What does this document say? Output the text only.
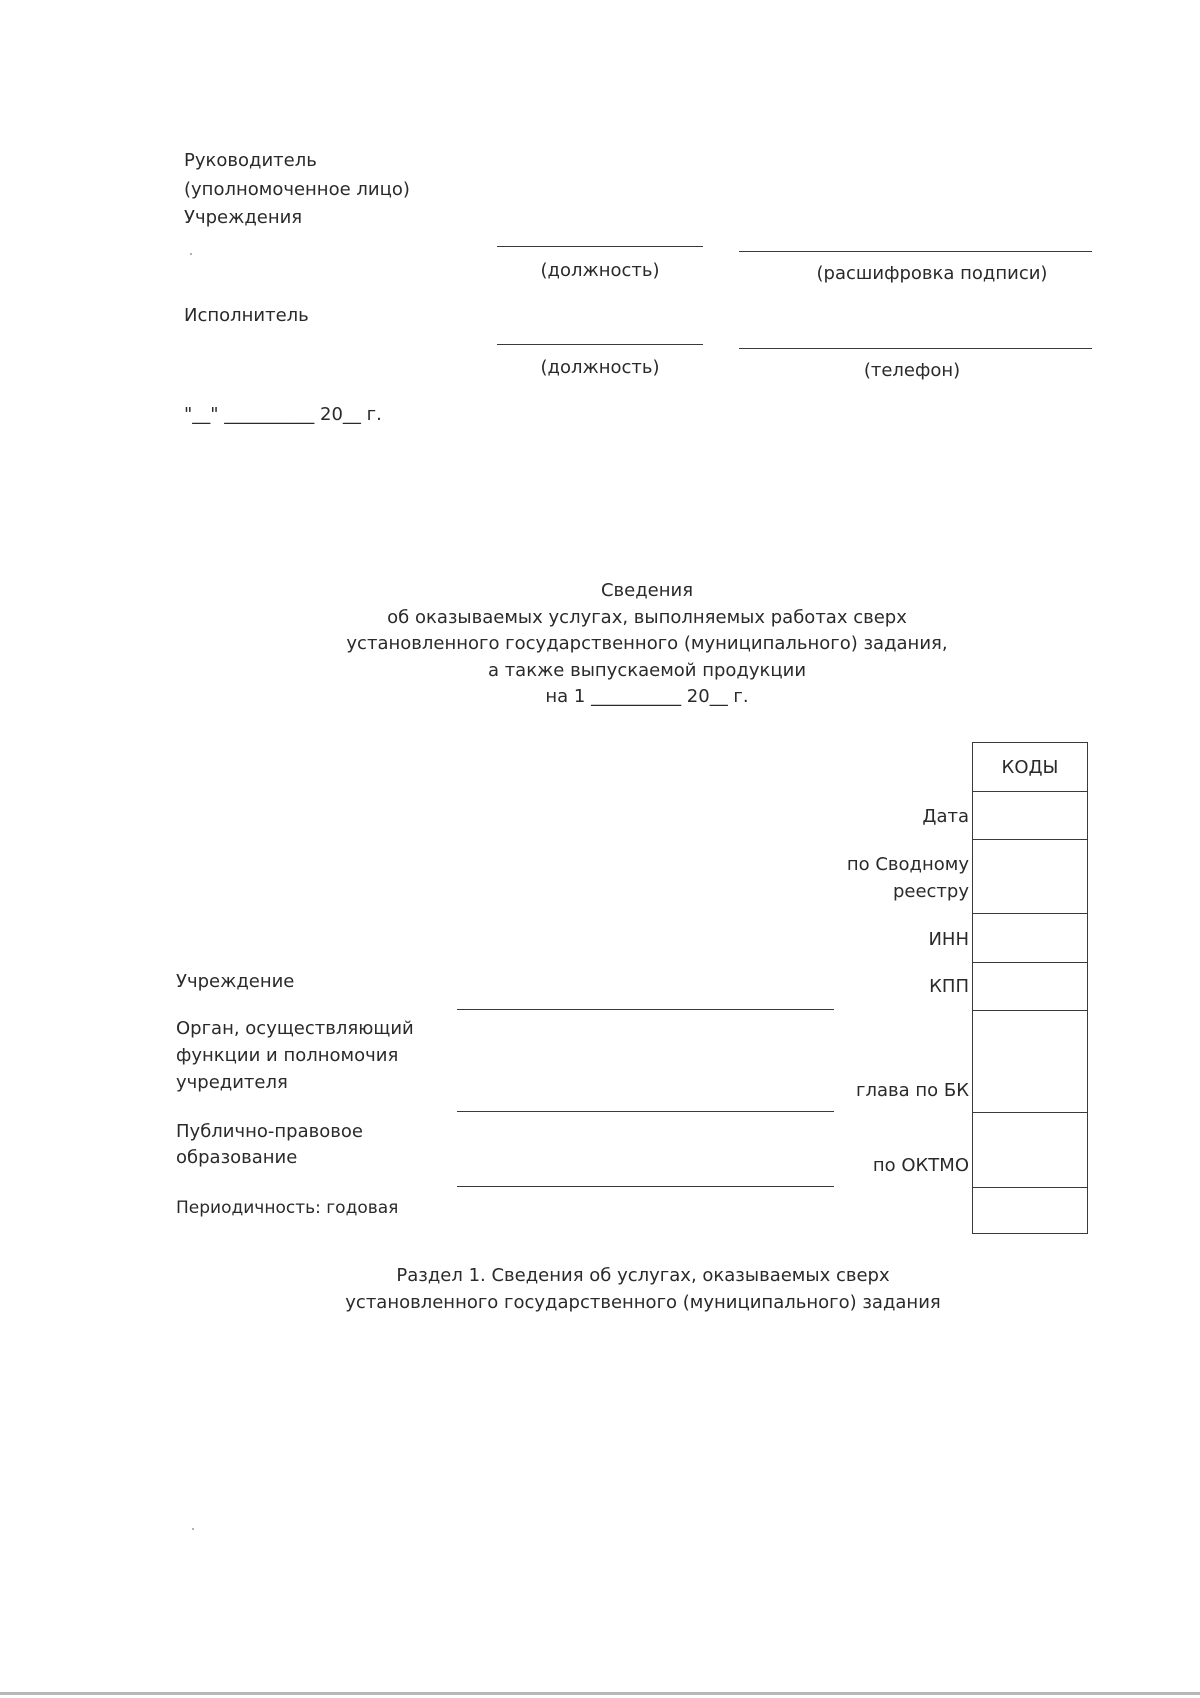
Руководитель
(уполномоченное лицо)
Учреждения
(должность)	(расшифровка подписи)
Исполнитель
(должность)	(телефон)
"__" __________ 20__ г.
Сведения
об оказываемых услугах, выполняемых работах сверх
установленного государственного (муниципального) задания,
а также выпускаемой продукции
на 1 __________ 20__ г.
КОДЫ
Дата
по Сводному
реестру
ИНН
КПП
глава по БК
по ОКТМО
Учреждение
Орган, осуществляющий
функции и полномочия
учредителя
Публично-правовое
образование
Периодичность: годовая
Раздел 1. Сведения об услугах, оказываемых сверх
установленного государственного (муниципального) задания
